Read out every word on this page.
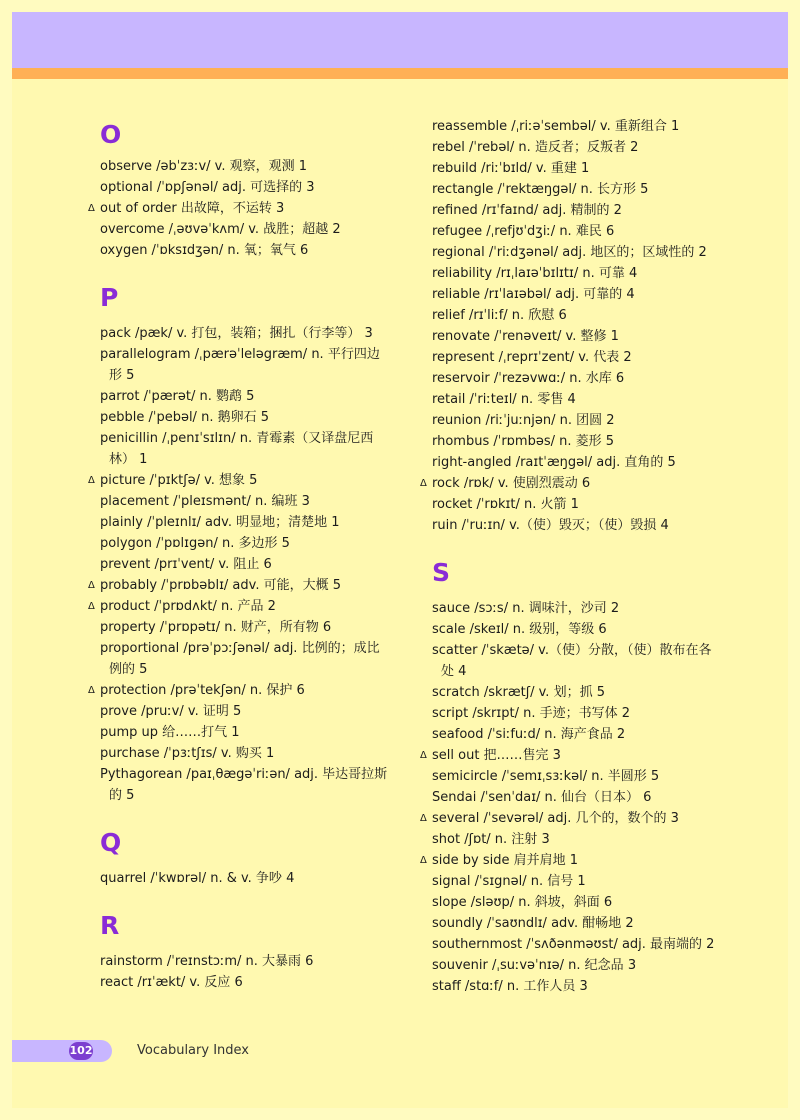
O
observe /əbˈzɜːv/ v. 观察，观测 1
optional /ˈɒpʃənəl/ adj. 可选择的 3
Δ out of order 出故障，不运转 3
overcome /ˌəʊvəˈkʌm/ v. 战胜；超越 2
oxygen /ˈɒksɪdʒən/ n. 氧；氧气 6
P
pack /pæk/ v. 打包，装箱；捆扎（行李等） 3
parallelogram /ˌpærəˈleləgræm/ n. 平行四边形 5
parrot /ˈpærət/ n. 鹦鹉 5
pebble /ˈpebəl/ n. 鹅卵石 5
penicillin /ˌpenɪˈsɪlɪn/ n. 青霉素（又译盘尼西林） 1
Δ picture /ˈpɪktʃə/ v. 想象 5
placement /ˈpleɪsmənt/ n. 编班 3
plainly /ˈpleɪnlɪ/ adv. 明显地；清楚地 1
polygon /ˈpɒlɪgən/ n. 多边形 5
prevent /prɪˈvent/ v. 阻止 6
Δ probably /ˈprɒbəblɪ/ adv. 可能，大概 5
Δ product /ˈprɒdʌkt/ n. 产品 2
property /ˈprɒpətɪ/ n. 财产，所有物 6
proportional /prəˈpɔːʃənəl/ adj. 比例的；成比例的 5
Δ protection /prəˈtekʃən/ n. 保护 6
prove /pruːv/ v. 证明 5
pump up 给……打气 1
purchase /ˈpɜːtʃɪs/ v. 购买 1
Pythagorean /paɪˌθægəˈriːən/ adj. 毕达哥拉斯的 5
Q
quarrel /ˈkwɒrəl/ n. & v. 争吵 4
R
rainstorm /ˈreɪnstɔːm/ n. 大暴雨 6
react /rɪˈækt/ v. 反应 6
reassemble /ˌriːəˈsembəl/ v. 重新组合 1
rebel /ˈrebəl/ n. 造反者；反叛者 2
rebuild /riːˈbɪld/ v. 重建 1
rectangle /ˈrektæŋgəl/ n. 长方形 5
refined /rɪˈfaɪnd/ adj. 精制的 2
refugee /ˌrefjʊˈdʒiː/ n. 难民 6
regional /ˈriːdʒənəl/ adj. 地区的；区域性的 2
reliability /rɪˌlaɪəˈbɪlɪtɪ/ n. 可靠 4
reliable /rɪˈlaɪəbəl/ adj. 可靠的 4
relief /rɪˈliːf/ n. 欣慰 6
renovate /ˈrenəveɪt/ v. 整修 1
represent /ˌreprɪˈzent/ v. 代表 2
reservoir /ˈrezəvwɑː/ n. 水库 6
retail /ˈriːteɪl/ n. 零售 4
reunion /riːˈjuːnjən/ n. 团圆 2
rhombus /ˈrɒmbəs/ n. 菱形 5
right-angled /raɪtˈæŋgəl/ adj. 直角的 5
Δ rock /rɒk/ v. 使剧烈震动 6
rocket /ˈrɒkɪt/ n. 火箭 1
ruin /ˈruːɪn/ v.（使）毁灭；（使）毁损 4
S
sauce /sɔːs/ n. 调味汁，沙司 2
scale /skeɪl/ n. 级别，等级 6
scatter /ˈskætə/ v.（使）分散，（使）散布在各处 4
scratch /skrætʃ/ v. 划；抓 5
script /skrɪpt/ n. 手迹；书写体 2
seafood /ˈsiːfuːd/ n. 海产食品 2
Δ sell out 把……售完 3
semicircle /ˈsemɪˌsɜːkəl/ n. 半圆形 5
Sendai /ˈsenˈdaɪ/ n. 仙台（日本） 6
Δ several /ˈsevərəl/ adj. 几个的，数个的 3
shot /ʃɒt/ n. 注射 3
Δ side by side 肩并肩地 1
signal /ˈsɪgnəl/ n. 信号 1
slope /sləʊp/ n. 斜坡，斜面 6
soundly /ˈsaʊndlɪ/ adv. 酣畅地 2
southernmost /ˈsʌðənməʊst/ adj. 最南端的 2
souvenir /ˌsuːvəˈnɪə/ n. 纪念品 3
staff /stɑːf/ n. 工作人员 3
102	Vocabulary Index
